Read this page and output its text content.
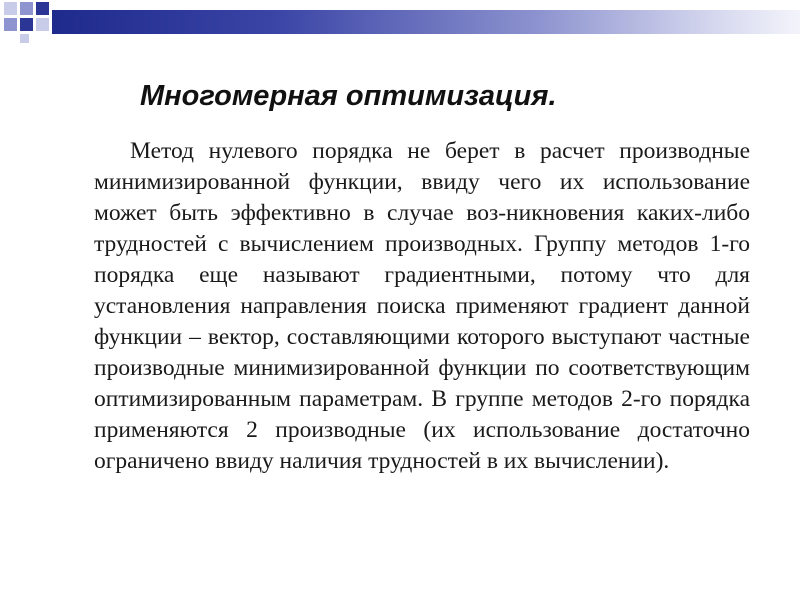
Многомерная оптимизация.

Метод нулевого порядка не берет в расчет производные минимизированной функции, ввиду чего их использование может быть эффективно в случае воз-никновения каких-либо трудностей с вычислением производных. Группу методов 1-го порядка еще называют градиентными, потому что для установления направления поиска применяют градиент данной функции – вектор, составляющими которого выступают частные производные минимизированной функции по соответствующим оптимизированным параметрам. В группе методов 2-го порядка применяются 2 производные (их использование достаточно ограничено ввиду наличия трудностей в их вычислении).
